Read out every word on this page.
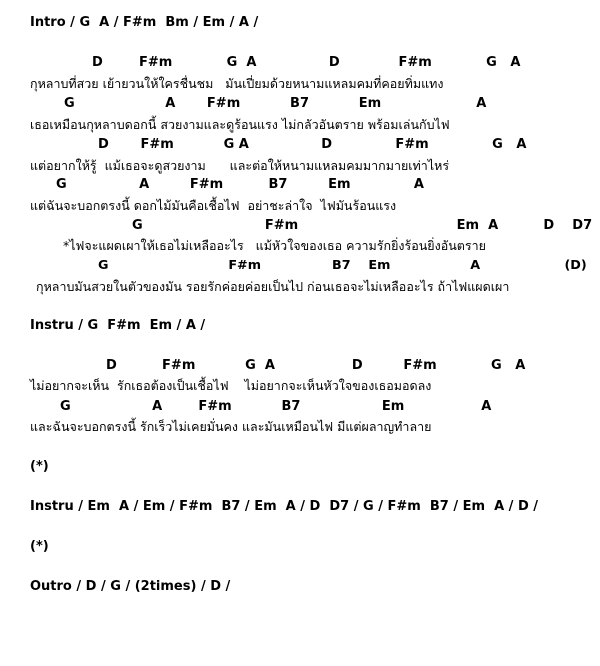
Intro / G  A / F#m  Bm / Em / A /
D        F#m            G  A                D             F#m            G   A
กุหลาบที่สวย เย้ายวนให้ใครชื่นชม   มันเปี่ยมด้วยหนามแหลมคมที่คอยทิ่มแทง
G                    A       F#m           B7           Em                     A
เธอเหมือนกุหลาบดอกนี้ สวยงามและดูร้อนแรง ไม่กลัวอันตราย พร้อมเล่นกับไฟ
D       F#m           G A                D              F#m              G   A
แต่อยากให้รู้  แม้เธอจะดูสวยงาม      และต่อให้หนามแหลมคมมากมายเท่าไหร่
G                A         F#m          B7         Em              A
แต่ฉันจะบอกตรงนี้ ดอกไม้มันคือเชื้อไฟ  อย่าชะล่าใจ  ไฟมันร้อนแรง
G                           F#m                                   Em  A          D    D7
*ไฟจะแผดเผาให้เธอไม่เหลืออะไร   แม้หัวใจของเธอ ความรักยิ่งร้อนยิ่งอันตราย
G                           F#m                B7    Em                  A                   (D)
กุหลาบมันสวยในตัวของมัน รอยรักค่อยค่อยเป็นไป ก่อนเธอจะไม่เหลืออะไร ถ้าไฟแผดเผา
Instru / G  F#m  Em / A /
D          F#m           G  A                 D         F#m            G   A
ไม่อยากจะเห็น  รักเธอต้องเป็นเชื้อไฟ    ไม่อยากจะเห็นหัวใจของเธอมอดลง
G                  A        F#m           B7                  Em                 A
และฉันจะบอกตรงนี้ รักเร็วไม่เคยมั่นคง และมันเหมือนไฟ มีแต่ผลาญทำลาย
(*)
Instru / Em  A / Em / F#m  B7 / Em  A / D  D7 / G / F#m  B7 / Em  A / D /
(*)
Outro / D / G / (2times) / D /
